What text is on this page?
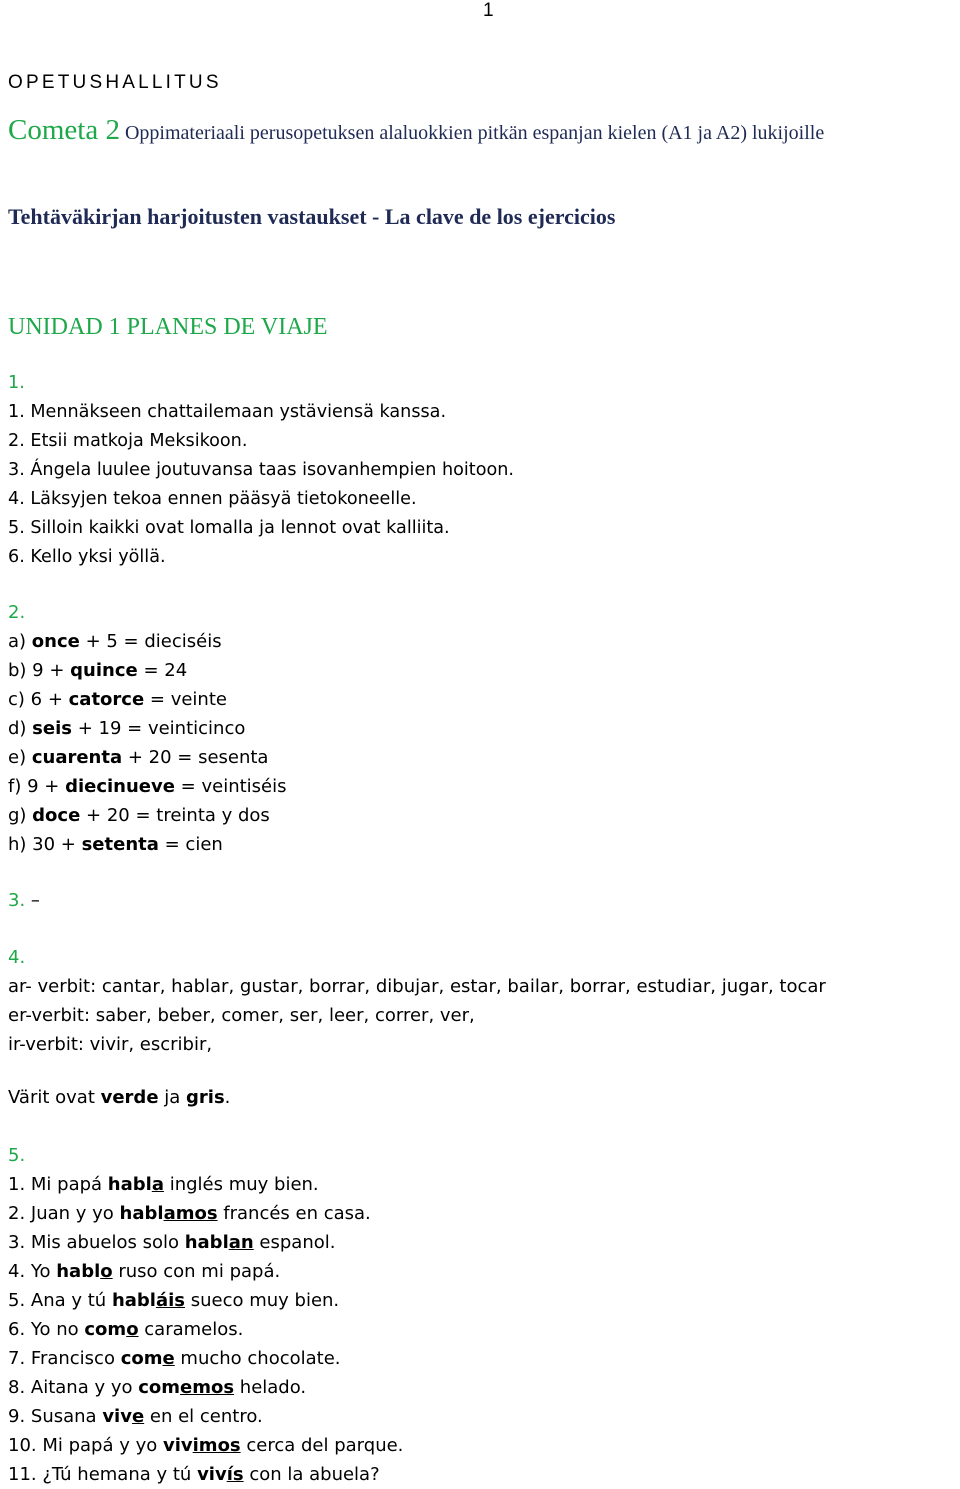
1
OPETUSHALLITUS
Cometa 2 Oppimateriaali perusopetuksen alaluokkien pitkän espanjan kielen (A1 ja A2) lukijoille
Tehtäväkirjan harjoitusten vastaukset - La clave de los ejercicios
UNIDAD 1 PLANES DE VIAJE
1.
1. Mennäkseen chattailemaan ystäviensä kanssa.
2. Etsii matkoja Meksikoon.
3. Ángela luulee joutuvansa taas isovanhempien hoitoon.
4. Läksyjen tekoa ennen pääsyä tietokoneelle.
5. Silloin kaikki ovat lomalla ja lennot ovat kalliita.
6. Kello yksi yöllä.
2.
a) once + 5 = dieciséis
b) 9 + quince = 24
c) 6 + catorce = veinte
d) seis + 19 = veinticinco
e) cuarenta + 20 = sesenta
f) 9 + diecinueve = veintiséis
g) doce + 20 = treinta y dos
h) 30 + setenta = cien
3. –
4.
ar- verbit: cantar, hablar, gustar, borrar, dibujar, estar, bailar, borrar, estudiar, jugar, tocar
er-verbit: saber, beber, comer, ser, leer, correr, ver,
ir-verbit: vivir, escribir,
Värit ovat verde ja gris.
5.
1. Mi papá habla inglés muy bien.
2. Juan y yo hablamos francés en casa.
3. Mis abuelos solo hablan espanol.
4. Yo hablo ruso con mi papá.
5. Ana y tú habláis sueco muy bien.
6. Yo no como caramelos.
7. Francisco come mucho chocolate.
8. Aitana y yo comemos helado.
9. Susana vive en el centro.
10. Mi papá y yo vivimos cerca del parque.
11. ¿Tú hemana y tú vivís con la abuela?
